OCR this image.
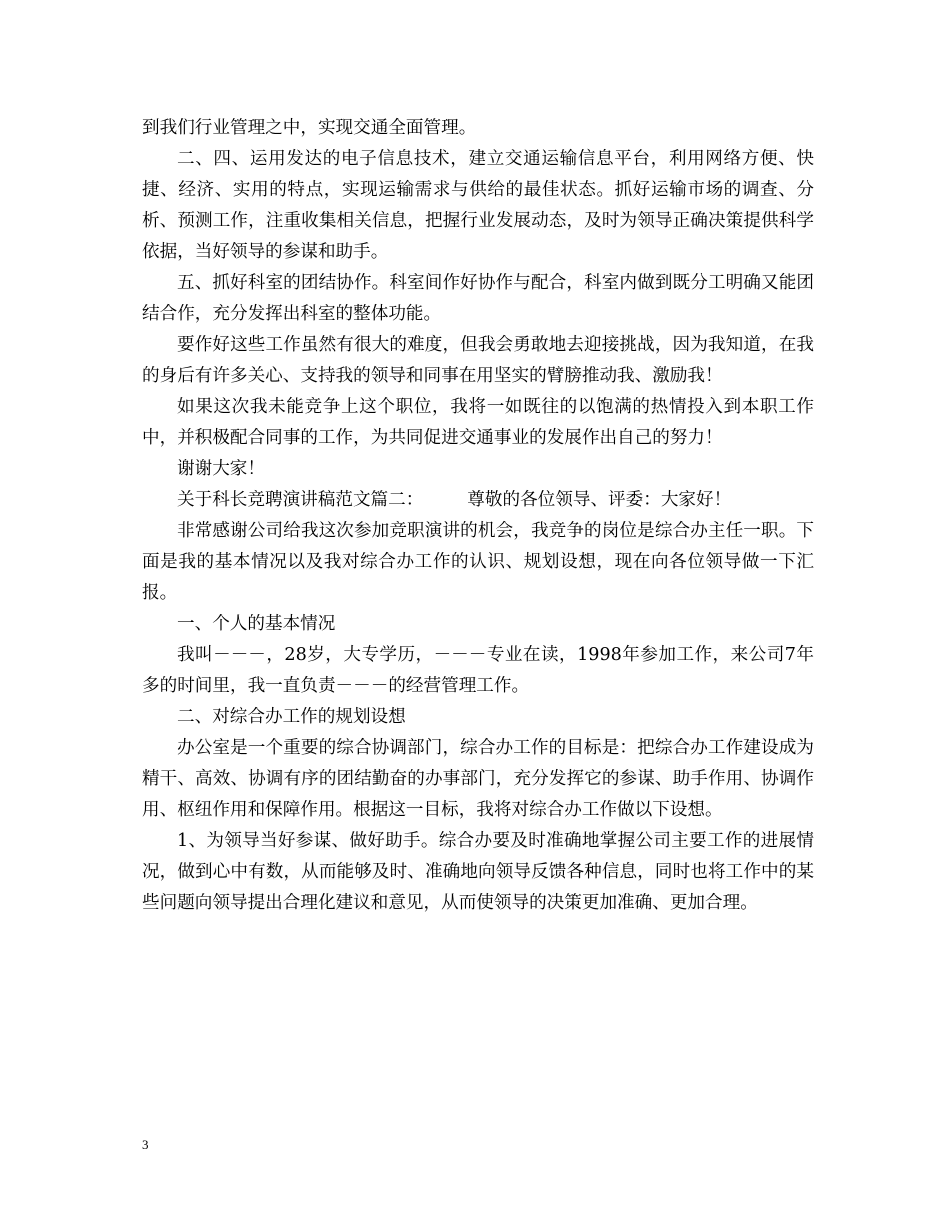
到我们行业管理之中，实现交通全面管理。

二、四、运用发达的电子信息技术，建立交通运输信息平台，利用网络方便、快捷、经济、实用的特点，实现运输需求与供给的最佳状态。抓好运输市场的调查、分析、预测工作，注重收集相关信息，把握行业发展动态，及时为领导正确决策提供科学依据，当好领导的参谋和助手。

五、抓好科室的团结协作。科室间作好协作与配合，科室内做到既分工明确又能团结合作，充分发挥出科室的整体功能。

要作好这些工作虽然有很大的难度，但我会勇敢地去迎接挑战，因为我知道，在我的身后有许多关心、支持我的领导和同事在用坚实的臂膀推动我、激励我！

如果这次我未能竞争上这个职位，我将一如既往的以饱满的热情投入到本职工作中，并积极配合同事的工作，为共同促进交通事业的发展作出自己的努力！

谢谢大家！

关于科长竞聘演讲稿范文篇二：　　　尊敬的各位领导、评委：大家好！

非常感谢公司给我这次参加竞职演讲的机会，我竞争的岗位是综合办主任一职。下面是我的基本情况以及我对综合办工作的认识、规划设想，现在向各位领导做一下汇报。

一、个人的基本情况

我叫－－－，28岁，大专学历，－－－专业在读，1998年参加工作，来公司7年多的时间里，我一直负责－－－的经营管理工作。

二、对综合办工作的规划设想

办公室是一个重要的综合协调部门，综合办工作的目标是：把综合办工作建设成为精干、高效、协调有序的团结勤奋的办事部门，充分发挥它的参谋、助手作用、协调作用、枢纽作用和保障作用。根据这一目标，我将对综合办工作做以下设想。

1、为领导当好参谋、做好助手。综合办要及时准确地掌握公司主要工作的进展情况，做到心中有数，从而能够及时、准确地向领导反馈各种信息，同时也将工作中的某些问题向领导提出合理化建议和意见，从而使领导的决策更加准确、更加合理。

3
